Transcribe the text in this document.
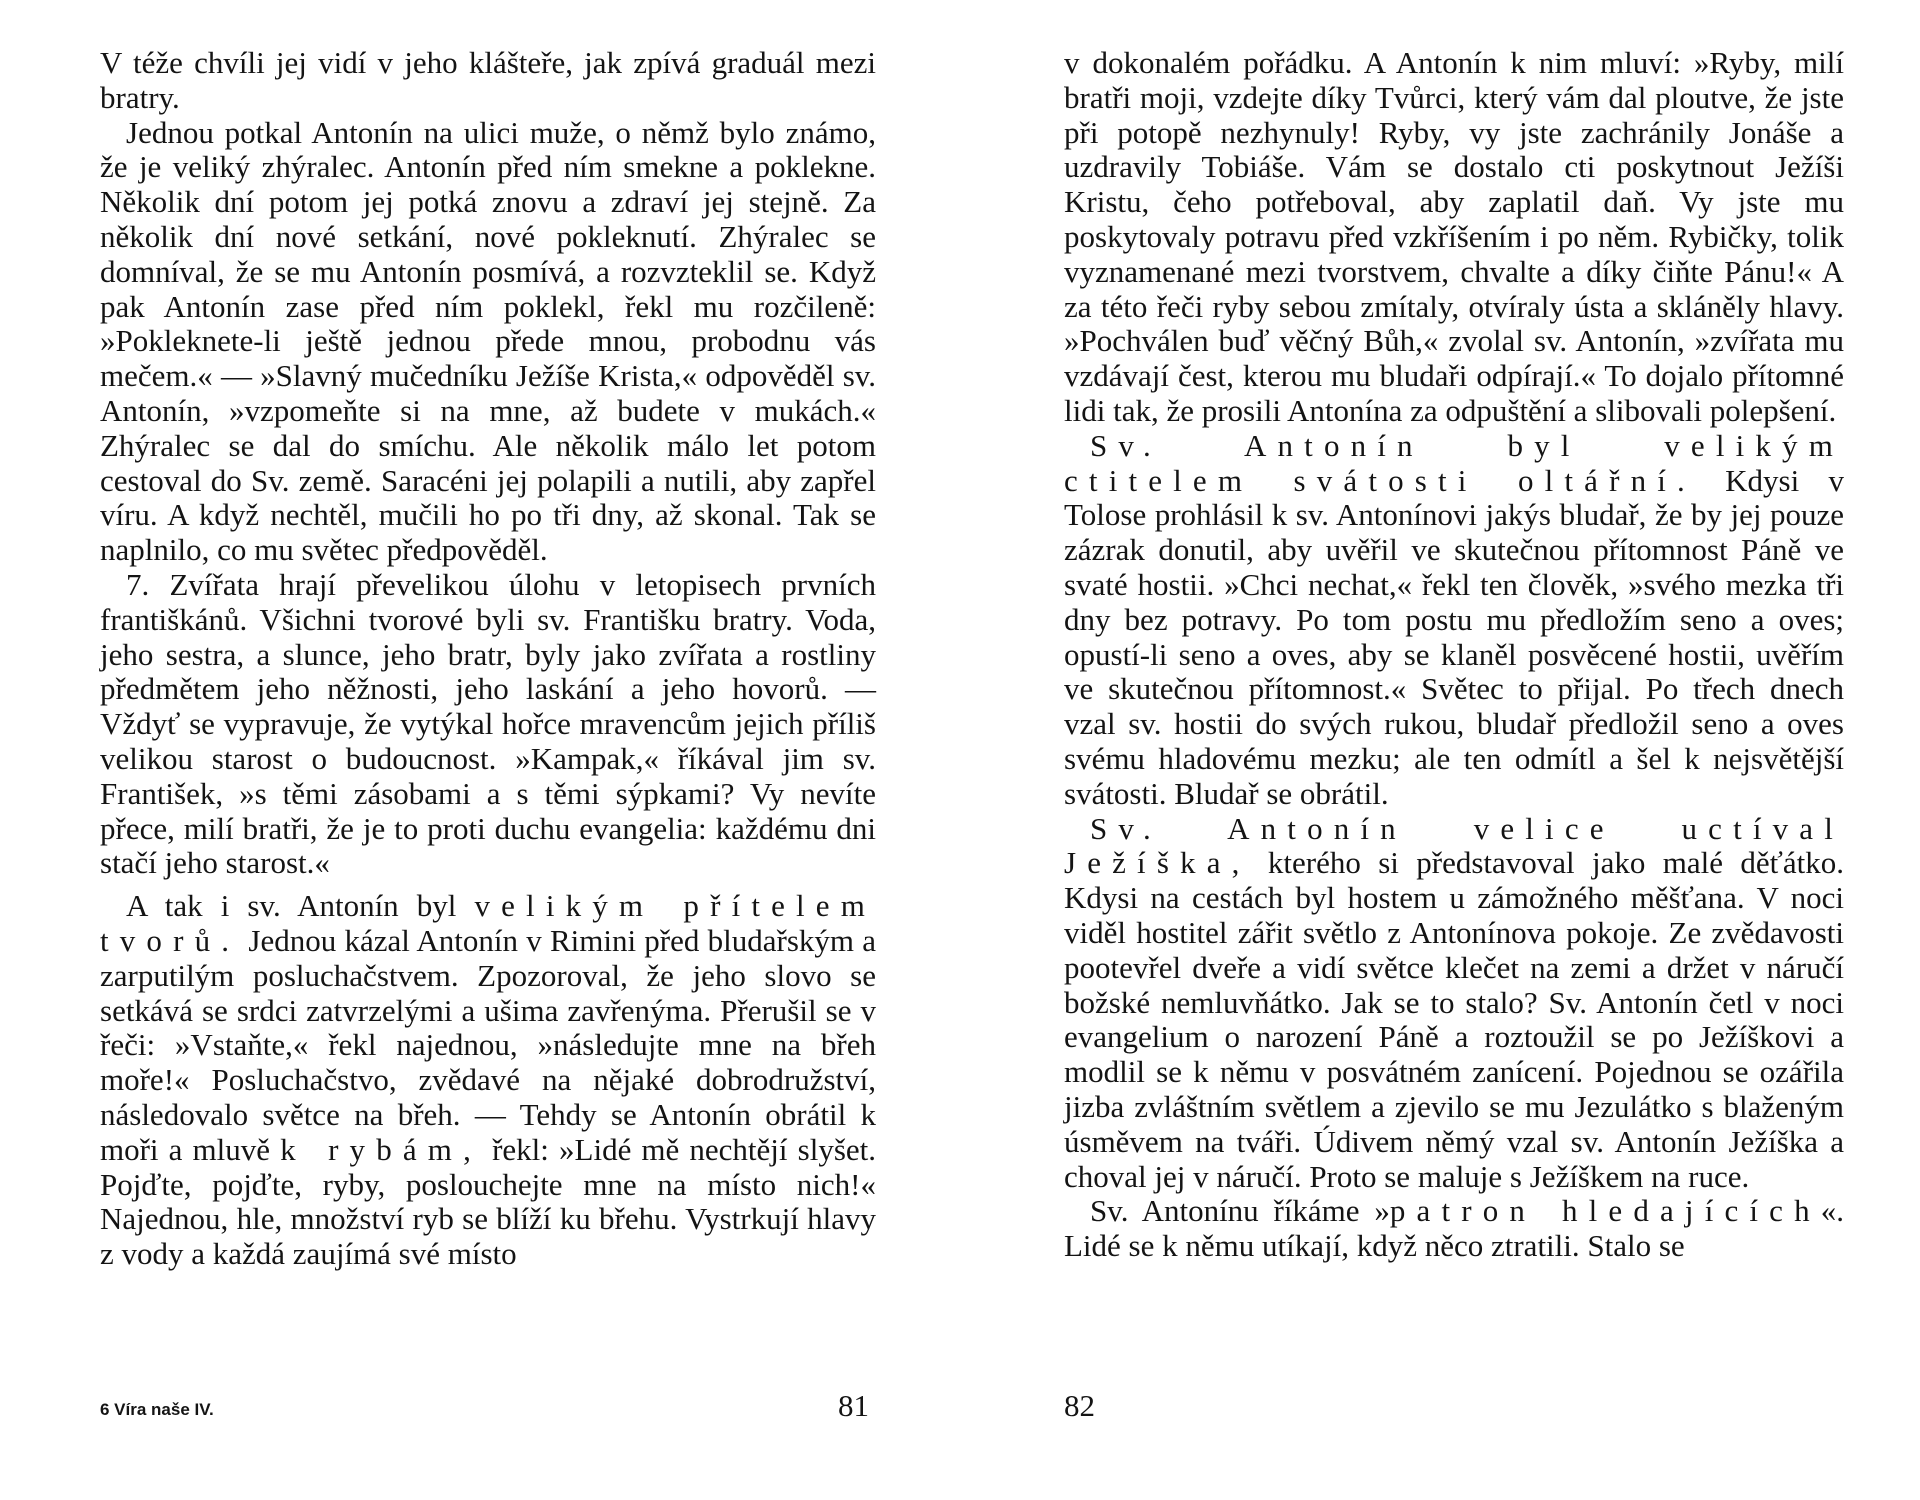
V téže chvíli jej vidí v jeho klášteře, jak zpívá graduál mezi bratry.

Jednou potkal Antonín na ulici muže, o němž bylo známo, že je veliký zhýralec. Antonín před ním smekne a poklekne. Několik dní potom jej potká znovu a zdraví jej stejně. Za několik dní nové setkání, nové pokleknutí. Zhýralec se domníval, že se mu Antonín posmívá, a rozvzteklil se. Když pak Antonín zase před ním poklekl, řekl mu rozčileně: »Pokleknete-li ještě jednou přede mnou, probodnu vás mečem.« — »Slavný mučedníku Ježíše Krista,« odpověděl sv. Antonín, »vzpomeňte si na mne, až budete v mukách.« Zhýralec se dal do smíchu. Ale několik málo let potom cestoval do Sv. země. Saracéni jej polapili a nutili, aby zapřel víru. A když nechtěl, mučili ho po tři dny, až skonal. Tak se naplnilo, co mu světec předpověděl.

7. Zvířata hrají převelikou úlohu v letopisech prvních františkánů. Všichni tvorové byli sv. Františku bratry. Voda, jeho sestra, a slunce, jeho bratr, byly jako zvířata a rostliny předmětem jeho něžnosti, jeho laskání a jeho hovorů. — Vždyť se vypravuje, že vytýkal hořce mravencům jejich příliš velikou starost o budoucnost. »Kampak,« říkával jim sv. František, »s těmi zásobami a s těmi sýpkami? Vy nevíte přece, milí bratři, že je to proti duchu evangelia: každému dni stačí jeho starost.«

A tak i sv. Antonín byl velikým přítelem tvorů. Jednou kázal Antonín v Rimini před bludařským a zarputilým posluchačstvem. Zpozoroval, že jeho slovo se setkává se srdci zatvrzelými a ušima zavřenýma. Přerušil se v řeči: »Vstaňte,« řekl najednou, »následujte mne na břeh moře!« Posluchačstvo, zvědavé na nějaké dobrodružství, následovalo světce na břeh. — Tehdy se Antonín obrátil k moři a mluvě k rybám, řekl: »Lidé mě nechtějí slyšet. Pojďte, pojďte, ryby, poslouchejte mne na místo nich!« Najednou, hle, množství ryb se blíží ku břehu. Vystrkují hlavy z vody a každá zaujímá své místo

6 Víra naše IV.	81

v dokonalém pořádku. A Antonín k nim mluví: »Ryby, milí bratři moji, vzdejte díky Tvůrci, který vám dal ploutve, že jste při potopě nezhynuly! Ryby, vy jste zachránily Jonáše a uzdravily Tobiáše. Vám se dostalo cti poskytnout Ježíši Kristu, čeho potřeboval, aby zaplatil daň. Vy jste mu poskytovaly potravu před vzkříšením i po něm. Rybičky, tolik vyznamenané mezi tvorstvem, chvalte a díky čiňte Pánu!« A za této řeči ryby sebou zmítaly, otvíraly ústa a skláněly hlavy. »Pochválen buď věčný Bůh,« zvolal sv. Antonín, »zvířata mu vzdávají čest, kterou mu bludaři odpírají.« To dojalo přítomné lidi tak, že prosili Antonína za odpuštění a slibovali polepšení.

Sv. Antonín byl velikým ctitelem svátosti oltářní. Kdysi v Tolose prohlásil k sv. Antonínovi jakýs bludař, že by jej pouze zázrak donutil, aby uvěřil ve skutečnou přítomnost Páně ve svaté hostii. »Chci nechat,« řekl ten člověk, »svého mezka tři dny bez potravy. Po tom postu mu předložím seno a oves; opustí-li seno a oves, aby se klaněl posvěcené hostii, uvěřím ve skutečnou přítomnost.« Světec to přijal. Po třech dnech vzal sv. hostii do svých rukou, bludař předložil seno a oves svému hladovému mezku; ale ten odmítl a šel k nejsvětější svátosti. Bludař se obrátil.

Sv. Antonín velice uctíval Ježíška, kterého si představoval jako malé děťátko. Kdysi na cestách byl hostem u zámožného měšťana. V noci viděl hostitel zářit světlo z Antonínova pokoje. Ze zvědavosti pootevřel dveře a vidí světce klečet na zemi a držet v náručí božské nemluvňátko. Jak se to stalo? Sv. Antonín četl v noci evangelium o narození Páně a roztoužil se po Ježíškovi a modlil se k němu v posvátném zanícení. Pojednou se ozářila jizba zvláštním světlem a zjevilo se mu Jezulátko s blaženým úsměvem na tváři. Údivem němý vzal sv. Antonín Ježíška a choval jej v náručí. Proto se maluje s Ježíškem na ruce.

Sv. Antonínu říkáme »patron hledajících«. Lidé se k němu utíkají, když něco ztratili. Stalo se

82
